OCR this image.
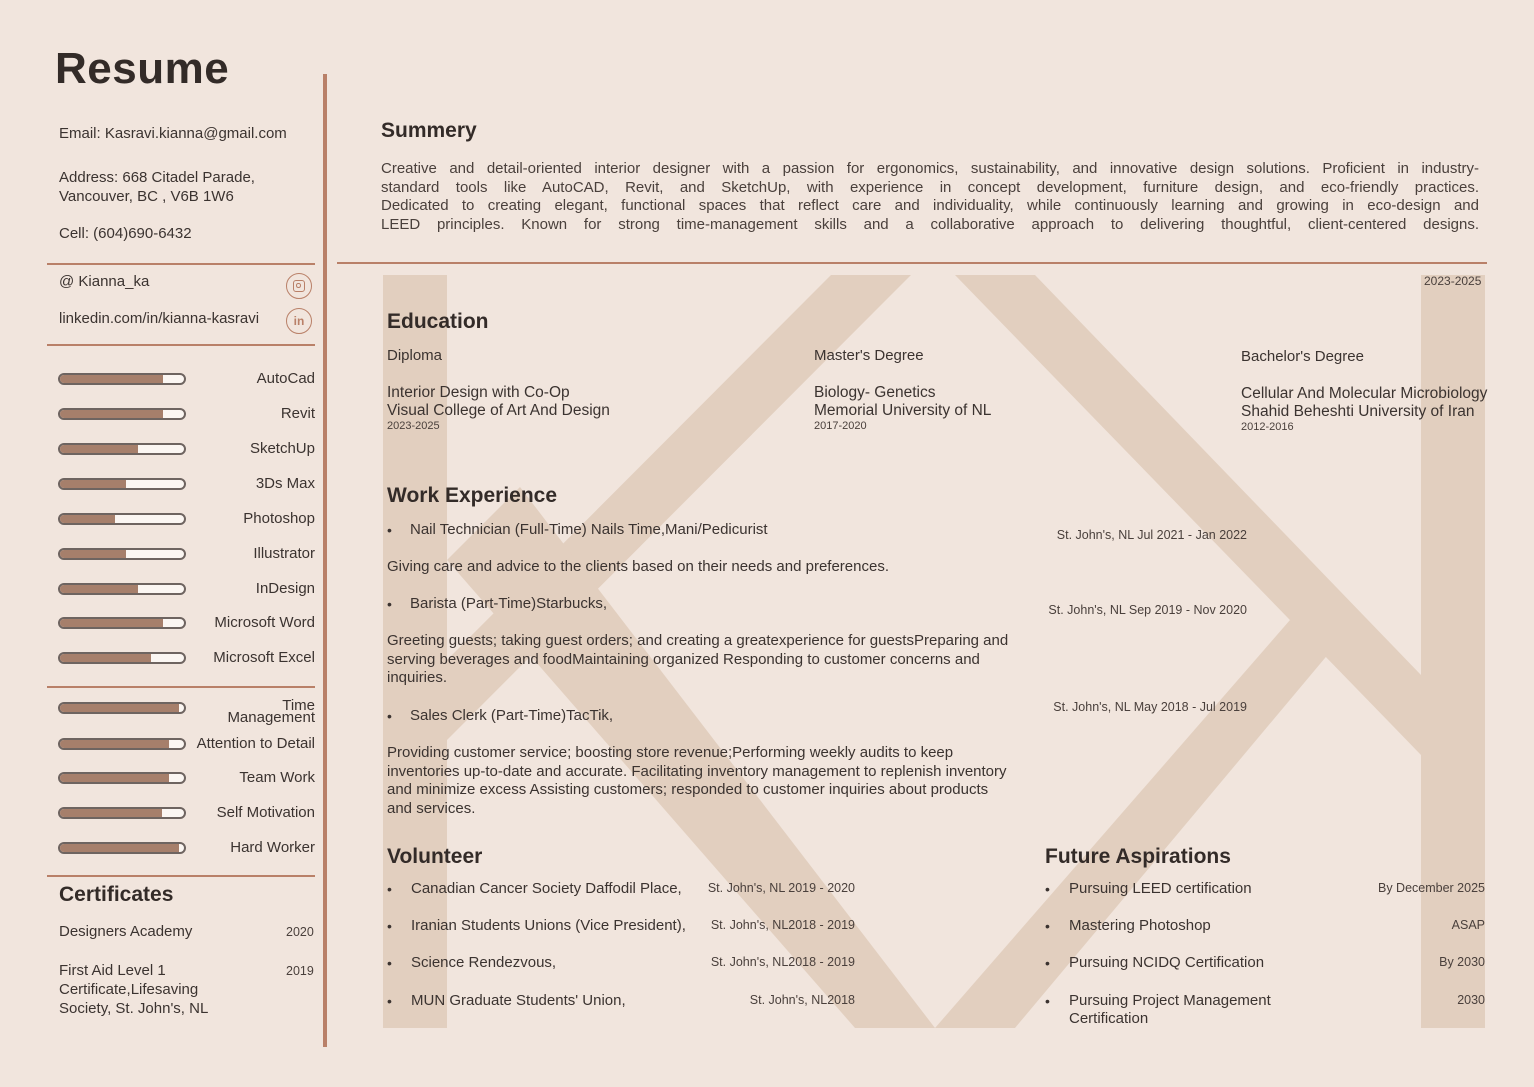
Resume
Email: Kasravi.kianna@gmail.com
Address: 668 Citadel Parade,
Vancouver, BC , V6B 1W6
Cell: (604)690-6432
@ Kianna_ka
linkedin.com/in/kianna-kasravi	in
AutoCad
Revit
SketchUp
3Ds Max
Photoshop
Illustrator
InDesign
Microsoft Word
Microsoft Excel
Time
Management
Attention to Detail
Team Work
Self Motivation
Hard Worker
Certificates
Designers Academy	2020
First Aid Level 1
Certificate,Lifesaving
Society, St. John's, NL
2019
Summery
Creative and detail-oriented interior designer with a passion for ergonomics, sustainability, and innovative design solutions. Proficient in industry-
standard tools like AutoCAD, Revit, and SketchUp, with experience in concept development, furniture design, and eco-friendly practices.
Dedicated to creating elegant, functional spaces that reflect care and individuality, while continuously learning and growing in eco-design and
LEED principles. Known for strong time-management skills and a collaborative approach to delivering thoughtful, client-centered designs.
2023-2025
Education
Diploma
Interior Design with Co-Op
Visual College of Art And Design
2023-2025
Master's Degree
Biology- Genetics
Memorial University of NL
2017-2020
Bachelor's Degree
Cellular And Molecular Microbiology
Shahid Beheshti University of Iran
2012-2016
Work Experience
• Nail Technician (Full-Time) Nails Time,Mani/Pedicurist	St. John's, NL Jul 2021 - Jan 2022
Giving care and advice to the clients based on their needs and preferences.
• Barista (Part-Time)Starbucks,	St. John's, NL Sep 2019 - Nov 2020
Greeting guests; taking guest orders; and creating a greatexperience for guestsPreparing and
serving beverages and foodMaintaining organized Responding to customer concerns and
inquiries.
• Sales Clerk (Part-Time)TacTik,	St. John's, NL May 2018 - Jul 2019
Providing customer service; boosting store revenue;Performing weekly audits to keep
inventories up-to-date and accurate. Facilitating inventory management to replenish inventory
and minimize excess Assisting customers; responded to customer inquiries about products
and services.
Volunteer
• Canadian Cancer Society Daffodil Place, St. John's, NL 2019 - 2020
• Iranian Students Unions (Vice President), St. John's, NL2018 - 2019
• Science Rendezvous,	St. John's, NL2018 - 2019
• MUN Graduate Students' Union,	St. John's, NL2018
Future Aspirations
• Pursuing LEED certification	By December 2025
• Mastering Photoshop	ASAP
• Pursuing NCIDQ Certification	By 2030
• Pursuing Project Management
Certification
2030
